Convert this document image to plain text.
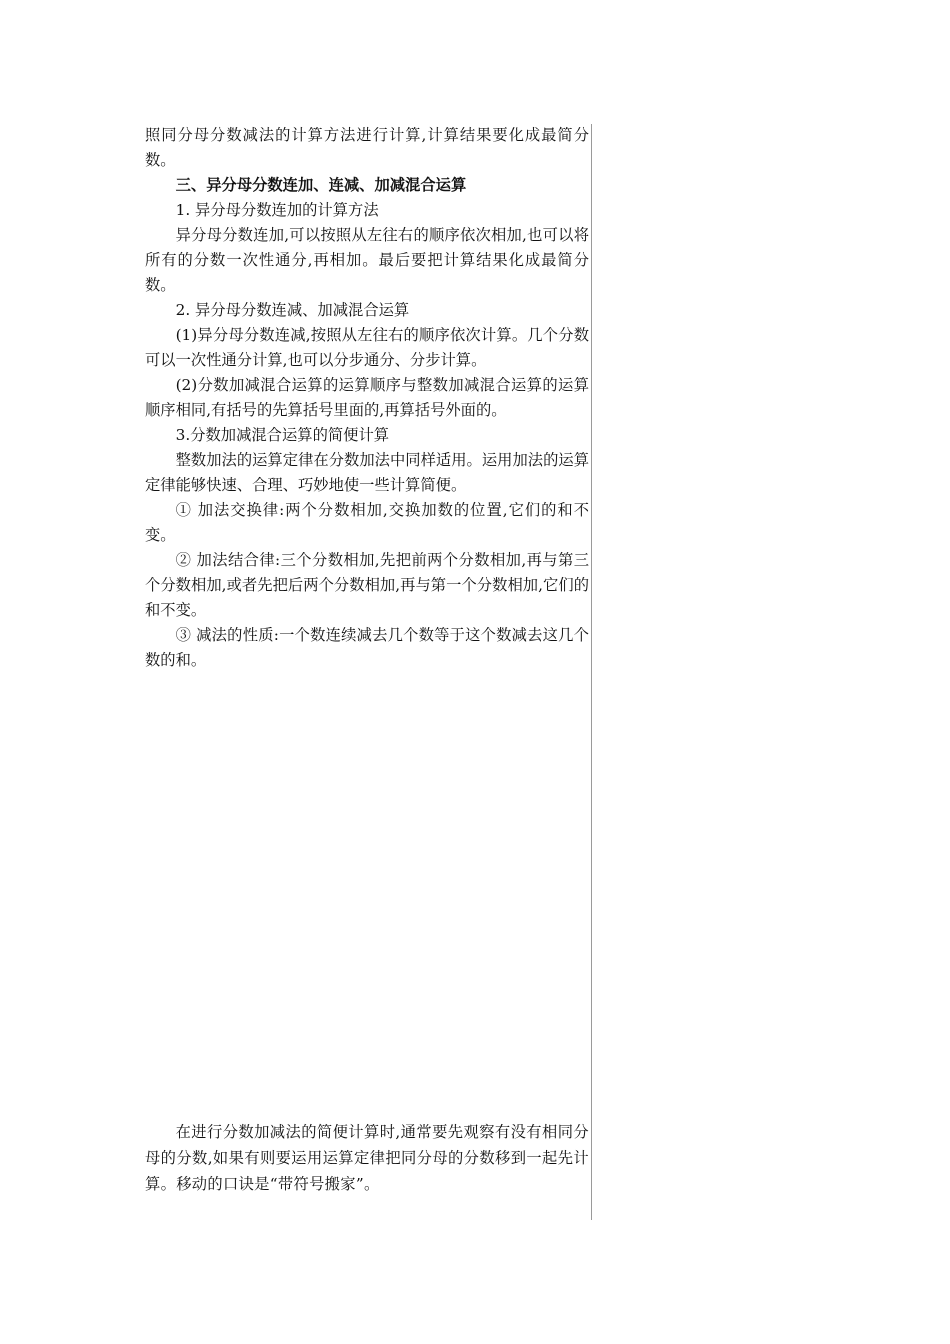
照同分母分数减法的计算方法进行计算,计算结果要化成最简分数。

三、异分母分数连加、连减、加减混合运算

1. 异分母分数连加的计算方法

异分母分数连加,可以按照从左往右的顺序依次相加,也可以将所有的分数一次性通分,再相加。最后要把计算结果化成最简分数。

2. 异分母分数连减、加减混合运算

(1)异分母分数连减,按照从左往右的顺序依次计算。几个分数可以一次性通分计算,也可以分步通分、分步计算。

(2)分数加减混合运算的运算顺序与整数加减混合运算的运算顺序相同,有括号的先算括号里面的,再算括号外面的。

3.分数加减混合运算的简便计算

整数加法的运算定律在分数加法中同样适用。运用加法的运算定律能够快速、合理、巧妙地使一些计算简便。

① 加法交换律:两个分数相加,交换加数的位置,它们的和不变。

② 加法结合律:三个分数相加,先把前两个分数相加,再与第三个分数相加,或者先把后两个分数相加,再与第一个分数相加,它们的和不变。

③ 减法的性质:一个数连续减去几个数等于这个数减去这几个数的和。

在进行分数加减法的简便计算时,通常要先观察有没有相同分母的分数,如果有则要运用运算定律把同分母的分数移到一起先计算。移动的口诀是“带符号搬家”。
